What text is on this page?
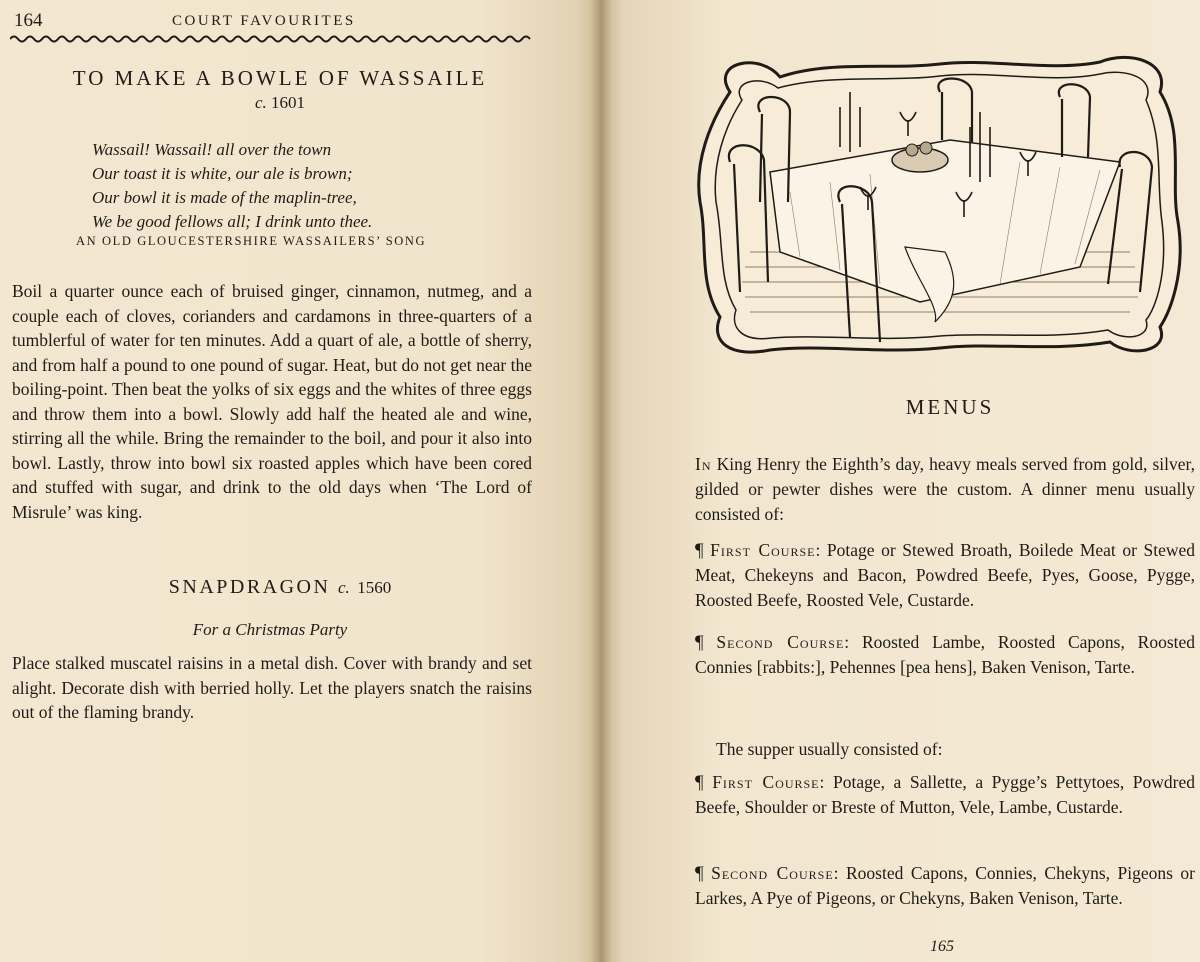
164	COURT FAVOURITES
TO MAKE A BOWLE OF WASSAILE
c. 1601
Wassail! Wassail! all over the town
Our toast it is white, our ale is brown;
Our bowl it is made of the maplin-tree,
We be good fellows all; I drink unto thee.
AN OLD GLOUCESTERSHIRE WASSAILERS’ SONG
Boil a quarter ounce each of bruised ginger, cinnamon, nutmeg, and a couple each of cloves, corianders and cardamons in three-quarters of a tumblerful of water for ten minutes. Add a quart of ale, a bottle of sherry, and from half a pound to one pound of sugar. Heat, but do not get near the boiling-point. Then beat the yolks of six eggs and the whites of three eggs and throw them into a bowl. Slowly add half the heated ale and wine, stirring all the while. Bring the remainder to the boil, and pour it also into bowl. Lastly, throw into bowl six roasted apples which have been cored and stuffed with sugar, and drink to the old days when ‘The Lord of Misrule’ was king.
SNAPDRAGON c. 1560
For a Christmas Party
Place stalked muscatel raisins in a metal dish. Cover with brandy and set alight. Decorate dish with berried holly. Let the players snatch the raisins out of the flaming brandy.
MENUS
In King Henry the Eighth’s day, heavy meals served from gold, silver, gilded or pewter dishes were the custom. A dinner menu usually consisted of:
¶ First Course: Potage or Stewed Broath, Boilede Meat or Stewed Meat, Chekeyns and Bacon, Powdred Beefe, Pyes, Goose, Pygge, Roosted Beefe, Roosted Vele, Custarde.
¶ Second Course: Roosted Lambe, Roosted Capons, Roosted Connies [rabbits:], Pehennes [pea hens], Baken Venison, Tarte.
The supper usually consisted of:
¶ First Course: Potage, a Sallette, a Pygge’s Pettytoes, Powdred Beefe, Shoulder or Breste of Mutton, Vele, Lambe, Custarde.
¶ Second Course: Roosted Capons, Connies, Chekyns, Pigeons or Larkes, A Pye of Pigeons, or Chekyns, Baken Venison, Tarte.
165
